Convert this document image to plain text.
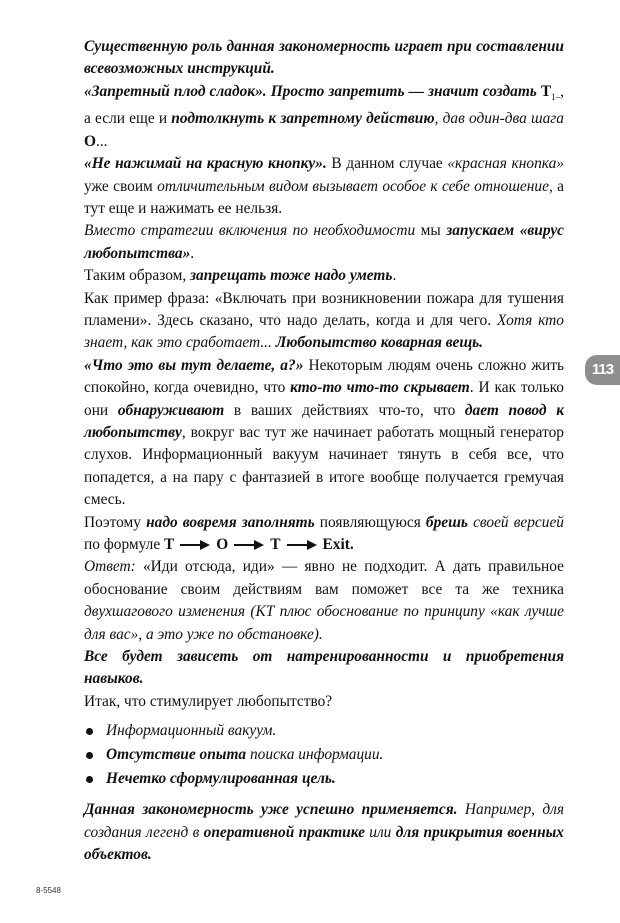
Существенную роль данная закономерность играет при составлении всевозможных инструкций.

«Запретный плод сладок». Просто запретить — значит создать $T_{1-}$, а если еще и подтолкнуть к запретному действию, дав один-два шага О...

«Не нажимай на красную кнопку». В данном случае «красная кнопка» уже своим отличительным видом вызывает особое к себе отношение, а тут еще и нажимать ее нельзя.

Вместо стратегии включения по необходимости мы запускаем «вирус любопытства».

Таким образом, запрещать тоже надо уметь.

Как пример фраза: «Включать при возникновении пожара для тушения пламени». Здесь сказано, что надо делать, когда и для чего. Хотя кто знает, как это сработает... Любопытство коварная вещь.

«Что это вы тут делаете, а?» Некоторым людям очень сложно жить спокойно, когда очевидно, что кто-то что-то скрывает. И как только они обнаруживают в ваших действиях что-то, что дает повод к любопытству, вокруг вас тут же начинает работать мощный генератор слухов. Информационный вакуум начинает тянуть в себя все, что попадется, а на пару с фантазией в итоге вообще получается гремучая смесь.

Поэтому надо вовремя заполнять появляющуюся брешь своей версией по формуле T	O	T	Exit.

Ответ: «Иди отсюда, иди» — явно не подходит. А дать правильное обоснование своим действиям вам поможет все та же техника двухшагового изменения (КТ плюс обоснование по принципу «как лучше для вас», а это уже по обстановке).

Все будет зависеть от натренированности и приобретения навыков.

Итак, что стимулирует любопытство?

Информационный вакуум.
Отсутствие опыта поиска информации.
Нечетко сформулированная цель.

Данная закономерность уже успешно применяется. Например, для создания легенд в оперативной практике или для прикрытия военных объектов.

113
8-5548
